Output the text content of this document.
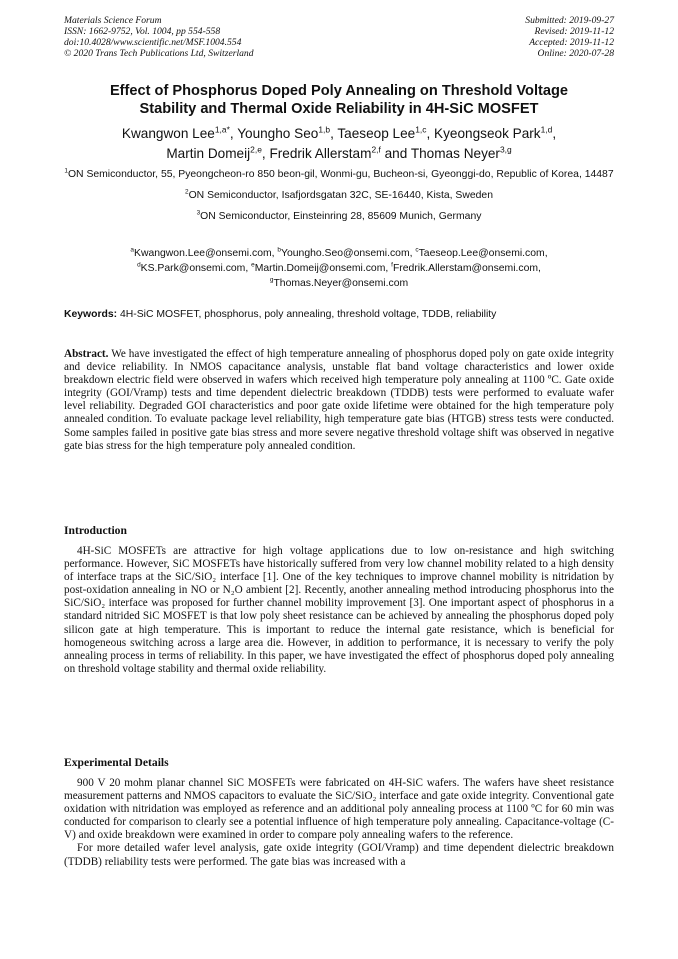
Materials Science Forum
ISSN: 1662-9752, Vol. 1004, pp 554-558
doi:10.4028/www.scientific.net/MSF.1004.554
© 2020 Trans Tech Publications Ltd, Switzerland
Submitted: 2019-09-27
Revised: 2019-11-12
Accepted: 2019-11-12
Online: 2020-07-28
Effect of Phosphorus Doped Poly Annealing on Threshold Voltage
Stability and Thermal Oxide Reliability in 4H-SiC MOSFET
Kwangwon Lee$^{1,a*}$, Youngho Seo$^{1,b}$, Taeseop Lee$^{1,c}$, Kyeongseok Park$^{1,d}$,
Martin Domeij$^{2,e}$, Fredrik Allerstam$^{2,f}$ and Thomas Neyer$^{3,g}$
$^1$ON Semiconductor, 55, Pyeongcheon-ro 850 beon-gil, Wonmi-gu, Bucheon-si, Gyeonggi-do, Republic of Korea, 14487
$^2$ON Semiconductor, Isafjordsgatan 32C, SE-16440, Kista, Sweden
$^3$ON Semiconductor, Einsteinring 28, 85609 Munich, Germany
$^a$Kwangwon.Lee@onsemi.com, $^b$Youngho.Seo@onsemi.com, $^c$Taeseop.Lee@onsemi.com,
$^d$KS.Park@onsemi.com, $^e$Martin.Domeij@onsemi.com, $^f$Fredrik.Allerstam@onsemi.com,
$^g$Thomas.Neyer@onsemi.com
Keywords: 4H-SiC MOSFET, phosphorus, poly annealing, threshold voltage, TDDB, reliability

Abstract. We have investigated the effect of high temperature annealing of phosphorus doped poly on gate oxide integrity and device reliability. In NMOS capacitance analysis, unstable flat band voltage characteristics and lower oxide breakdown electric field were observed in wafers which received high temperature poly annealing at 1100 ºC. Gate oxide integrity (GOI/Vramp) tests and time dependent dielectric breakdown (TDDB) tests were performed to evaluate wafer level reliability. Degraded GOI characteristics and poor gate oxide lifetime were obtained for the high temperature poly annealed condition. To evaluate package level reliability, high temperature gate bias (HTGB) stress tests were conducted. Some samples failed in positive gate bias stress and more severe negative threshold voltage shift was observed in negative gate bias stress for the high temperature poly annealed condition.

Introduction

4H-SiC MOSFETs are attractive for high voltage applications due to low on-resistance and high switching performance. However, SiC MOSFETs have historically suffered from very low channel mobility related to a high density of interface traps at the SiC/SiO₂ interface [1]. One of the key techniques to improve channel mobility is nitridation by post-oxidation annealing in NO or N₂O ambient [2]. Recently, another annealing method introducing phosphorus into the SiC/SiO₂ interface was proposed for further channel mobility improvement [3]. One important aspect of phosphorus in a standard nitrided SiC MOSFET is that low poly sheet resistance can be achieved by annealing the phosphorus doped poly silicon gate at high temperature. This is important to reduce the internal gate resistance, which is beneficial for homogeneous switching across a large area die. However, in addition to performance, it is necessary to verify the poly annealing process in terms of reliability. In this paper, we have investigated the effect of phosphorus doped poly annealing on threshold voltage stability and thermal oxide reliability.

Experimental Details

900 V 20 mohm planar channel SiC MOSFETs were fabricated on 4H-SiC wafers. The wafers have sheet resistance measurement patterns and NMOS capacitors to evaluate the SiC/SiO₂ interface and gate oxide integrity. Conventional gate oxidation with nitridation was employed as reference and an additional poly annealing process at 1100 ºC for 60 min was conducted for comparison to clearly see a potential influence of high temperature poly annealing. Capacitance-voltage (C-V) and oxide breakdown were examined in order to compare poly annealing wafers to the reference.

For more detailed wafer level analysis, gate oxide integrity (GOI/Vramp) and time dependent dielectric breakdown (TDDB) reliability tests were performed. The gate bias was increased with a
